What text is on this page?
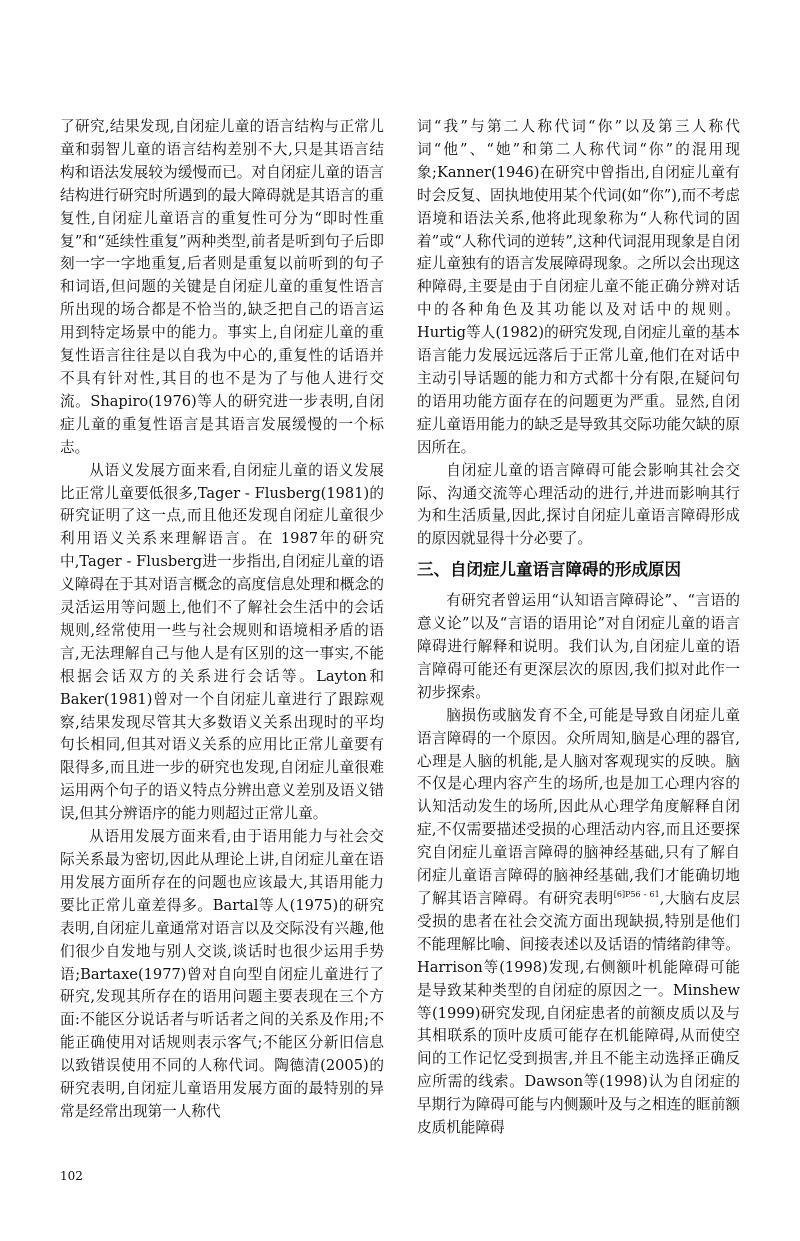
了研究,结果发现,自闭症儿童的语言结构与正常儿童和弱智儿童的语言结构差别不大,只是其语言结构和语法发展较为缓慢而已。对自闭症儿童的语言结构进行研究时所遇到的最大障碍就是其语言的重复性,自闭症儿童语言的重复性可分为“即时性重复”和“延续性重复”两种类型,前者是听到句子后即刻一字一字地重复,后者则是重复以前听到的句子和词语,但问题的关键是自闭症儿童的重复性语言所出现的场合都是不恰当的,缺乏把自己的语言运用到特定场景中的能力。事实上,自闭症儿童的重复性语言往往是以自我为中心的,重复性的话语并不具有针对性,其目的也不是为了与他人进行交流。Shapiro(1976)等人的研究进一步表明,自闭症儿童的重复性语言是其语言发展缓慢的一个标志。

从语义发展方面来看,自闭症儿童的语义发展比正常儿童要低很多,Tager - Flusberg(1981)的研究证明了这一点,而且他还发现自闭症儿童很少利用语义关系来理解语言。在 1987年的研究中,Tager - Flusberg进一步指出,自闭症儿童的语义障碍在于其对语言概念的高度信息处理和概念的灵活运用等问题上,他们不了解社会生活中的会话规则,经常使用一些与社会规则和语境相矛盾的语言,无法理解自己与他人是有区别的这一事实,不能根据会话双方的关系进行会话等。Layton和 Baker(1981)曾对一个自闭症儿童进行了跟踪观察,结果发现尽管其大多数语义关系出现时的平均句长相同,但其对语义关系的应用比正常儿童要有限得多,而且进一步的研究也发现,自闭症儿童很难运用两个句子的语义特点分辨出意义差别及语义错误,但其分辨语序的能力则超过正常儿童。

从语用发展方面来看,由于语用能力与社会交际关系最为密切,因此从理论上讲,自闭症儿童在语用发展方面所存在的问题也应该最大,其语用能力要比正常儿童差得多。Bartal等人(1975)的研究表明,自闭症儿童通常对语言以及交际没有兴趣,他们很少自发地与别人交谈,谈话时也很少运用手势语;Bartaxe(1977)曾对自向型自闭症儿童进行了研究,发现其所存在的语用问题主要表现在三个方面:不能区分说话者与听话者之间的关系及作用;不能正确使用对话规则表示客气;不能区分新旧信息以致错误使用不同的人称代词。陶德清(2005)的研究表明,自闭症儿童语用发展方面的最特别的异常是经常出现第一人称代

词“我”与第二人称代词“你”以及第三人称代词“他”、“她”和第二人称代词“你”的混用现象;Kanner(1946)在研究中曾指出,自闭症儿童有时会反复、固执地使用某个代词(如“你”),而不考虑语境和语法关系,他将此现象称为“人称代词的固着”或“人称代词的逆转”,这种代词混用现象是自闭症儿童独有的语言发展障碍现象。之所以会出现这种障碍,主要是由于自闭症儿童不能正确分辨对话中的各种角色及其功能以及对话中的规则。Hurtig等人(1982)的研究发现,自闭症儿童的基本语言能力发展远远落后于正常儿童,他们在对话中主动引导话题的能力和方式都十分有限,在疑问句的语用功能方面存在的问题更为严重。显然,自闭症儿童语用能力的缺乏是导致其交际功能欠缺的原因所在。

自闭症儿童的语言障碍可能会影响其社会交际、沟通交流等心理活动的进行,并进而影响其行为和生活质量,因此,探讨自闭症儿童语言障碍形成的原因就显得十分必要了。

三、自闭症儿童语言障碍的形成原因

有研究者曾运用“认知语言障碍论”、“言语的意义论”以及“言语的语用论”对自闭症儿童的语言障碍进行解释和说明。我们认为,自闭症儿童的语言障碍可能还有更深层次的原因,我们拟对此作一初步探索。

脑损伤或脑发育不全,可能是导致自闭症儿童语言障碍的一个原因。众所周知,脑是心理的器官,心理是人脑的机能,是人脑对客观现实的反映。脑不仅是心理内容产生的场所,也是加工心理内容的认知活动发生的场所,因此从心理学角度解释自闭症,不仅需要描述受损的心理活动内容,而且还要探究自闭症儿童语言障碍的脑神经基础,只有了解自闭症儿童语言障碍的脑神经基础,我们才能确切地了解其语言障碍。有研究表明$^{[6]P56 - 61}$,大脑右皮层受损的患者在社会交流方面出现缺损,特别是他们不能理解比喻、间接表述以及话语的情绪韵律等。Harrison等(1998)发现,右侧额叶机能障碍可能是导致某种类型的自闭症的原因之一。Minshew等(1999)研究发现,自闭症患者的前额皮质以及与其相联系的顶叶皮质可能存在机能障碍,从而使空间的工作记忆受到损害,并且不能主动选择正确反应所需的线索。Dawson等(1998)认为自闭症的早期行为障碍可能与内侧颞叶及与之相连的眶前额皮质机能障碍

102
